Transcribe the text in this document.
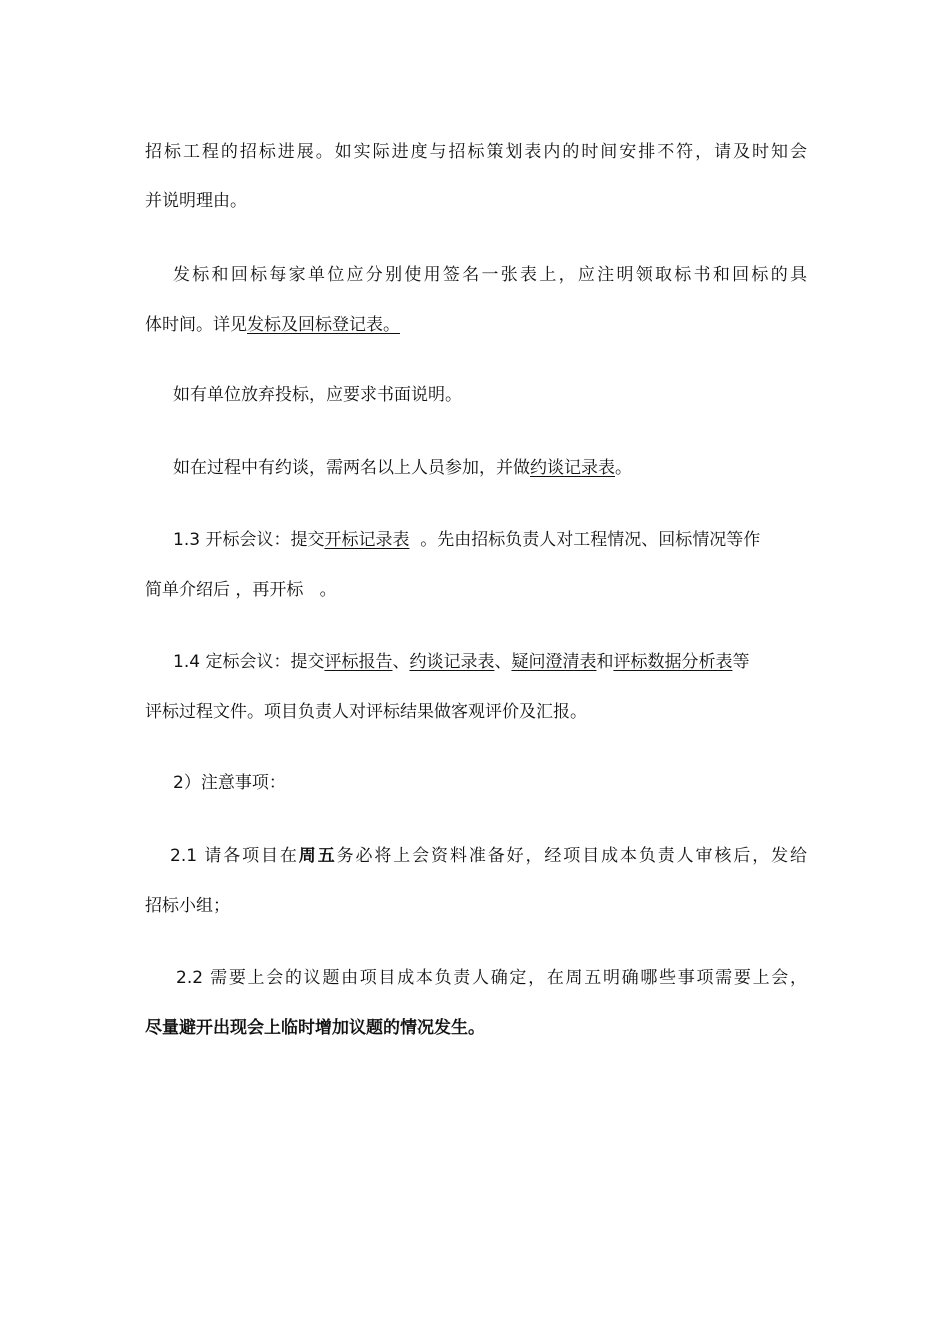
招标工程的招标进展。如实际进度与招标策划表内的时间安排不符，请及时知会
并说明理由。
发标和回标每家单位应分别使用签名一张表上，应注明领取标书和回标的具
体时间。详见发标及回标登记表。
如有单位放弃投标，应要求书面说明。
如在过程中有约谈，需两名以上人员参加，并做约谈记录表。
1.3 开标会议：提交开标记录表  。先由招标负责人对工程情况、回标情况等作
简单介绍后 ，再开标   。
1.4 定标会议：提交评标报告、约谈记录表、疑问澄清表和评标数据分析表等
评标过程文件。项目负责人对评标结果做客观评价及汇报。
2）注意事项：
2.1 请各项目在周五务必将上会资料准备好，经项目成本负责人审核后，发给
招标小组；
2.2 需要上会的议题由项目成本负责人确定，在周五明确哪些事项需要上会，
尽量避开出现会上临时增加议题的情况发生。
